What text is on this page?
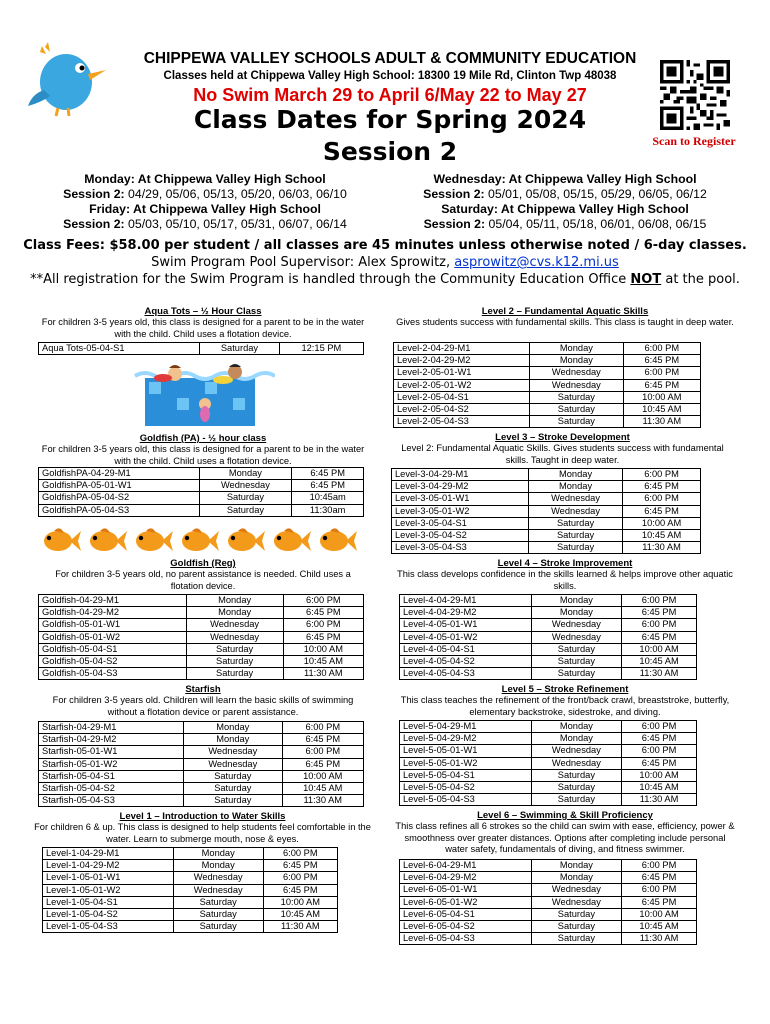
CHIPPEWA VALLEY SCHOOLS ADULT & COMMUNITY EDUCATION
Classes held at Chippewa Valley High School: 18300 19 Mile Rd, Clinton Twp 48038
No Swim March 29 to April 6/May 22 to May 27
Class Dates for Spring 2024
Session 2	Scan to Register
Monday: At Chippewa Valley High School
Session 2: 04/29, 05/06, 05/13, 05/20, 06/03, 06/10
Friday: At Chippewa Valley High School
Session 2: 05/03, 05/10, 05/17, 05/31, 06/07, 06/14
Wednesday: At Chippewa Valley High School
Session 2: 05/01, 05/08, 05/15, 05/29, 06/05, 06/12
Saturday: At Chippewa Valley High School
Session 2: 05/04, 05/11, 05/18, 06/01, 06/08, 06/15
Class Fees: $58.00 per student / all classes are 45 minutes unless otherwise noted / 6-day classes.
Swim Program Pool Supervisor: Alex Sprowitz, asprowitz@cvs.k12.mi.us
**All registration for the Swim Program is handled through the Community Education Office NOT at the pool.
Aqua Tots – ½ Hour Class
For children 3-5 years old, this class is designed for a parent to be in the water with the child. Child uses a flotation device.
Aqua Tots-05-04-S1	Saturday	12:15 PM
Goldfish (PA) - ½ hour class
For children 3-5 years old, this class is designed for a parent to be in the water with the child. Child uses a flotation device.
GoldfishPA-04-29-M1	Monday	6:45 PM
GoldfishPA-05-01-W1	Wednesday	6:45 PM
GoldfishPA-05-04-S2	Saturday	10:45am
GoldfishPA-05-04-S3	Saturday	11:30am
Goldfish (Reg)
For children 3-5 years old, no parent assistance is needed. Child uses a flotation device.
Goldfish-04-29-M1	Monday	6:00 PM
Goldfish-04-29-M2	Monday	6:45 PM
Goldfish-05-01-W1	Wednesday	6:00 PM
Goldfish-05-01-W2	Wednesday	6:45 PM
Goldfish-05-04-S1	Saturday	10:00 AM
Goldfish-05-04-S2	Saturday	10:45 AM
Goldfish-05-04-S3	Saturday	11:30 AM
Starfish
For children 3-5 years old. Children will learn the basic skills of swimming without a flotation device or parent assistance.
Starfish-04-29-M1	Monday	6:00 PM
Starfish-04-29-M2	Monday	6:45 PM
Starfish-05-01-W1	Wednesday	6:00 PM
Starfish-05-01-W2	Wednesday	6:45 PM
Starfish-05-04-S1	Saturday	10:00 AM
Starfish-05-04-S2	Saturday	10:45 AM
Starfish-05-04-S3	Saturday	11:30 AM
Level 1 – Introduction to Water Skills
For children 6 & up. This class is designed to help students feel comfortable in the water. Learn to submerge mouth, nose & eyes.
Level-1-04-29-M1	Monday	6:00 PM
Level-1-04-29-M2	Monday	6:45 PM
Level-1-05-01-W1	Wednesday	6:00 PM
Level-1-05-01-W2	Wednesday	6:45 PM
Level-1-05-04-S1	Saturday	10:00 AM
Level-1-05-04-S2	Saturday	10:45 AM
Level-1-05-04-S3	Saturday	11:30 AM
Level 2 – Fundamental Aquatic Skills
Gives students success with fundamental skills. This class is taught in deep water.
Level-2-04-29-M1	Monday	6:00 PM
Level-2-04-29-M2	Monday	6:45 PM
Level-2-05-01-W1	Wednesday	6:00 PM
Level-2-05-01-W2	Wednesday	6:45 PM
Level-2-05-04-S1	Saturday	10:00 AM
Level-2-05-04-S2	Saturday	10:45 AM
Level-2-05-04-S3	Saturday	11:30 AM
Level 3 – Stroke Development
Level 2: Fundamental Aquatic Skills. Gives students success with fundamental skills. Taught in deep water.
Level-3-04-29-M1	Monday	6:00 PM
Level-3-04-29-M2	Monday	6:45 PM
Level-3-05-01-W1	Wednesday	6:00 PM
Level-3-05-01-W2	Wednesday	6:45 PM
Level-3-05-04-S1	Saturday	10:00 AM
Level-3-05-04-S2	Saturday	10:45 AM
Level-3-05-04-S3	Saturday	11:30 AM
Level 4 – Stroke Improvement
This class develops confidence in the skills learned & helps improve other aquatic skills.
Level-4-04-29-M1	Monday	6:00 PM
Level-4-04-29-M2	Monday	6:45 PM
Level-4-05-01-W1	Wednesday	6:00 PM
Level-4-05-01-W2	Wednesday	6:45 PM
Level-4-05-04-S1	Saturday	10:00 AM
Level-4-05-04-S2	Saturday	10:45 AM
Level-4-05-04-S3	Saturday	11:30 AM
Level 5 – Stroke Refinement
This class teaches the refinement of the front/back crawl, breaststroke, butterfly, elementary backstroke, sidestroke, and diving.
Level-5-04-29-M1	Monday	6:00 PM
Level-5-04-29-M2	Monday	6:45 PM
Level-5-05-01-W1	Wednesday	6:00 PM
Level-5-05-01-W2	Wednesday	6:45 PM
Level-5-05-04-S1	Saturday	10:00 AM
Level-5-05-04-S2	Saturday	10:45 AM
Level-5-05-04-S3	Saturday	11:30 AM
Level 6 – Swimming & Skill Proficiency
This class refines all 6 strokes so the child can swim with ease, efficiency, power & smoothness over greater distances. Options after completing include personal water safety, fundamentals of diving, and fitness swimmer.
Level-6-04-29-M1	Monday	6:00 PM
Level-6-04-29-M2	Monday	6:45 PM
Level-6-05-01-W1	Wednesday	6:00 PM
Level-6-05-01-W2	Wednesday	6:45 PM
Level-6-05-04-S1	Saturday	10:00 AM
Level-6-05-04-S2	Saturday	10:45 AM
Level-6-05-04-S3	Saturday	11:30 AM
